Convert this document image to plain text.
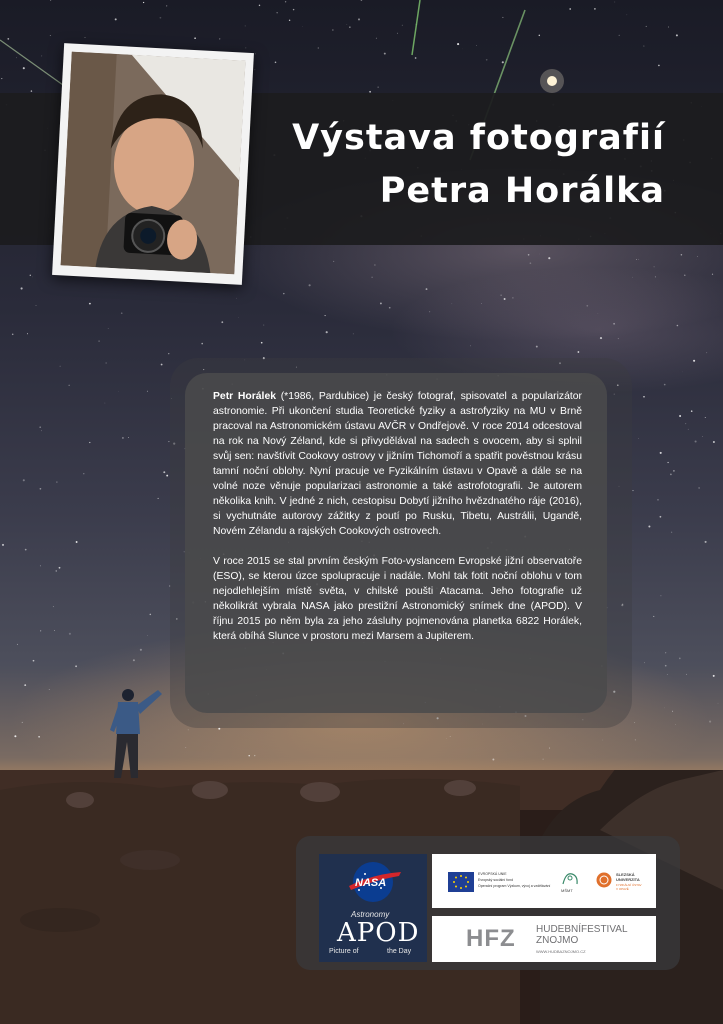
Výstava fotografií
Petra Horálka

Petr Horálek (*1986, Pardubice) je český fotograf, spisovatel a popularizátor astronomie. Při ukončení studia Teoretické fyziky a astrofyziky na MU v Brně pracoval na Astronomickém ústavu AVČR v Ondřejově. V roce 2014 odcestoval na rok na Nový Zéland, kde si přivydělával na sadech s ovocem, aby si splnil svůj sen: navštívit Cookovy ostrovy v jižním Tichomoří a spatřit pověstnou krásu tamní noční oblohy. Nyní pracuje ve Fyzikálním ústavu v Opavě a dále se na volné noze věnuje popularizaci astronomie a také astrofotografii. Je autorem několika knih. V jedné z nich, cestopisu Dobytí jižního hvězdnatého ráje (2016), si vychutnáte autorovy zážitky z poutí po Rusku, Tibetu, Austrálii, Ugandě, Novém Zélandu a rajských Cookových ostrovech.

V roce 2015 se stal prvním českým Foto-vyslancem Evropské jižní observatoře (ESO), se kterou úzce spolupracuje i nadále. Mohl tak fotit noční oblohu v tom nejodlehlejším místě světa, v chilské poušti Atacama. Jeho fotografie už několikrát vybrala NASA jako prestižní Astronomický snímek dne (APOD). V říjnu 2015 po něm byla za jeho zásluhy pojmenována planetka 6822 Horálek, která obíhá Slunce v prostoru mezi Marsem a Jupiterem.

NASA
Astronomy
APOD
Picture of	the Day
EVROPSKÁ UNIE
Evropský sociální fond
Operační program Výzkum, vývoj a vzdělávání
MŠMT
SLEZSKÁ
UNIVERZITA
FYZIKÁLNÍ ÚSTAV
V OPAVĚ
HFZ HUDEBNÍFESTIVAL
ZNOJMO
WWW.HUDBAZNOJMO.CZ
